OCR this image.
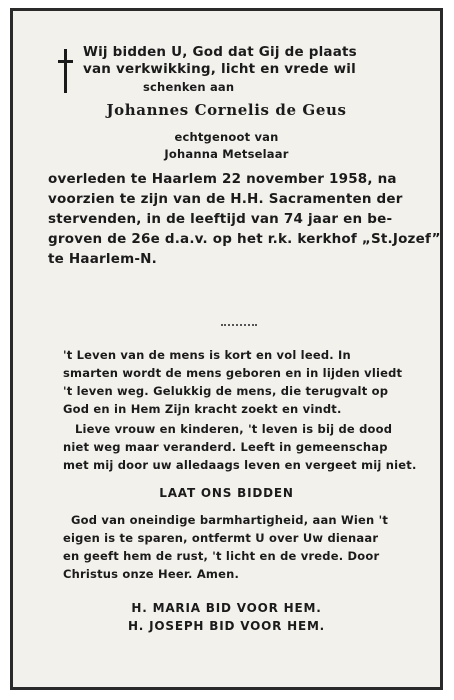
Wij bidden U, God dat Gij de plaats
van verkwikking, licht en vrede wil
schenken aan
Johannes Cornelis de Geus
echtgenoot van
Johanna Metselaar
overleden te Haarlem 22 november 1958, na
voorzien te zijn van de H.H. Sacramenten der
stervenden, in de leeftijd van 74 jaar en be-
groven de 26e d.a.v. op het r.k. kerkhof „St.Jozef”
te Haarlem-N.
't Leven van de mens is kort en vol leed. In
smarten wordt de mens geboren en in lijden vliedt
't leven weg. Gelukkig de mens, die terugvalt op
God en in Hem Zijn kracht zoekt en vindt.
Lieve vrouw en kinderen, 't leven is bij de dood
niet weg maar veranderd. Leeft in gemeenschap
met mij door uw alledaags leven en vergeet mij niet.
LAAT ONS BIDDEN
God van oneindige barmhartigheid, aan Wien 't
eigen is te sparen, ontfermt U over Uw dienaar
en geeft hem de rust, 't licht en de vrede. Door
Christus onze Heer. Amen.
H. MARIA BID VOOR HEM.
H. JOSEPH BID VOOR HEM.
